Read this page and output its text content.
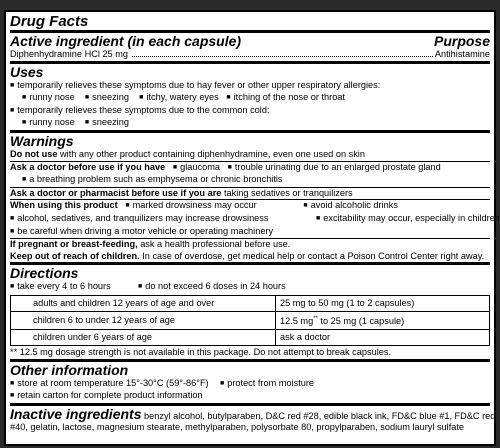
Drug Facts
Active ingredient (in each capsule)	Purpose
Diphenhydramine HCl 25 mg	Antihistamine
Uses
■ temporarily relieves these symptoms due to hay fever or other upper respiratory allergies:
■ runny nose ■ sneezing ■ itchy, watery eyes ■ itching of the nose or throat
■ temporarily relieves these symptoms due to the common cold:
■ runny nose ■ sneezing
Warnings
Do not use with any other product containing diphenhydramine, even one used on skin
Ask a doctor before use if you have ■ glaucoma ■ trouble urinating due to an enlarged prostate gland
■ a breathing problem such as emphysema or chronic bronchitis
Ask a doctor or pharmacist before use if you are taking sedatives or tranquilizers
When using this product ■ marked drowsiness may occur	■ avoid alcoholic drinks
■ alcohol, sedatives, and tranquilizers may increase drowsiness	■ excitability may occur, especially in children
■ be careful when driving a motor vehicle or operating machinery
If pregnant or breast-feeding, ask a health professional before use.
Keep out of reach of children. In case of overdose, get medical help or contact a Poison Control Center right away.
Directions
■ take every 4 to 6 hours	■ do not exceed 6 doses in 24 hours
adults and children 12 years of age and over	25 mg to 50 mg (1 to 2 capsules)
children 6 to under 12 years of age	12.5 mg** to 25 mg (1 capsule)
children under 6 years of age	ask a doctor
** 12.5 mg dosage strength is not available in this package. Do not attempt to break capsules.
Other information
■ store at room temperature 15°-30°C (59°-86°F) ■ protect from moisture
■ retain carton for complete product information
Inactive ingredients benzyl alcohol, butylparaben, D&C red #28, edible black ink, FD&C blue #1, FD&C red
#40, gelatin, lactose, magnesium stearate, methylparaben, polysorbate 80, propylparaben, sodium lauryl sulfate
